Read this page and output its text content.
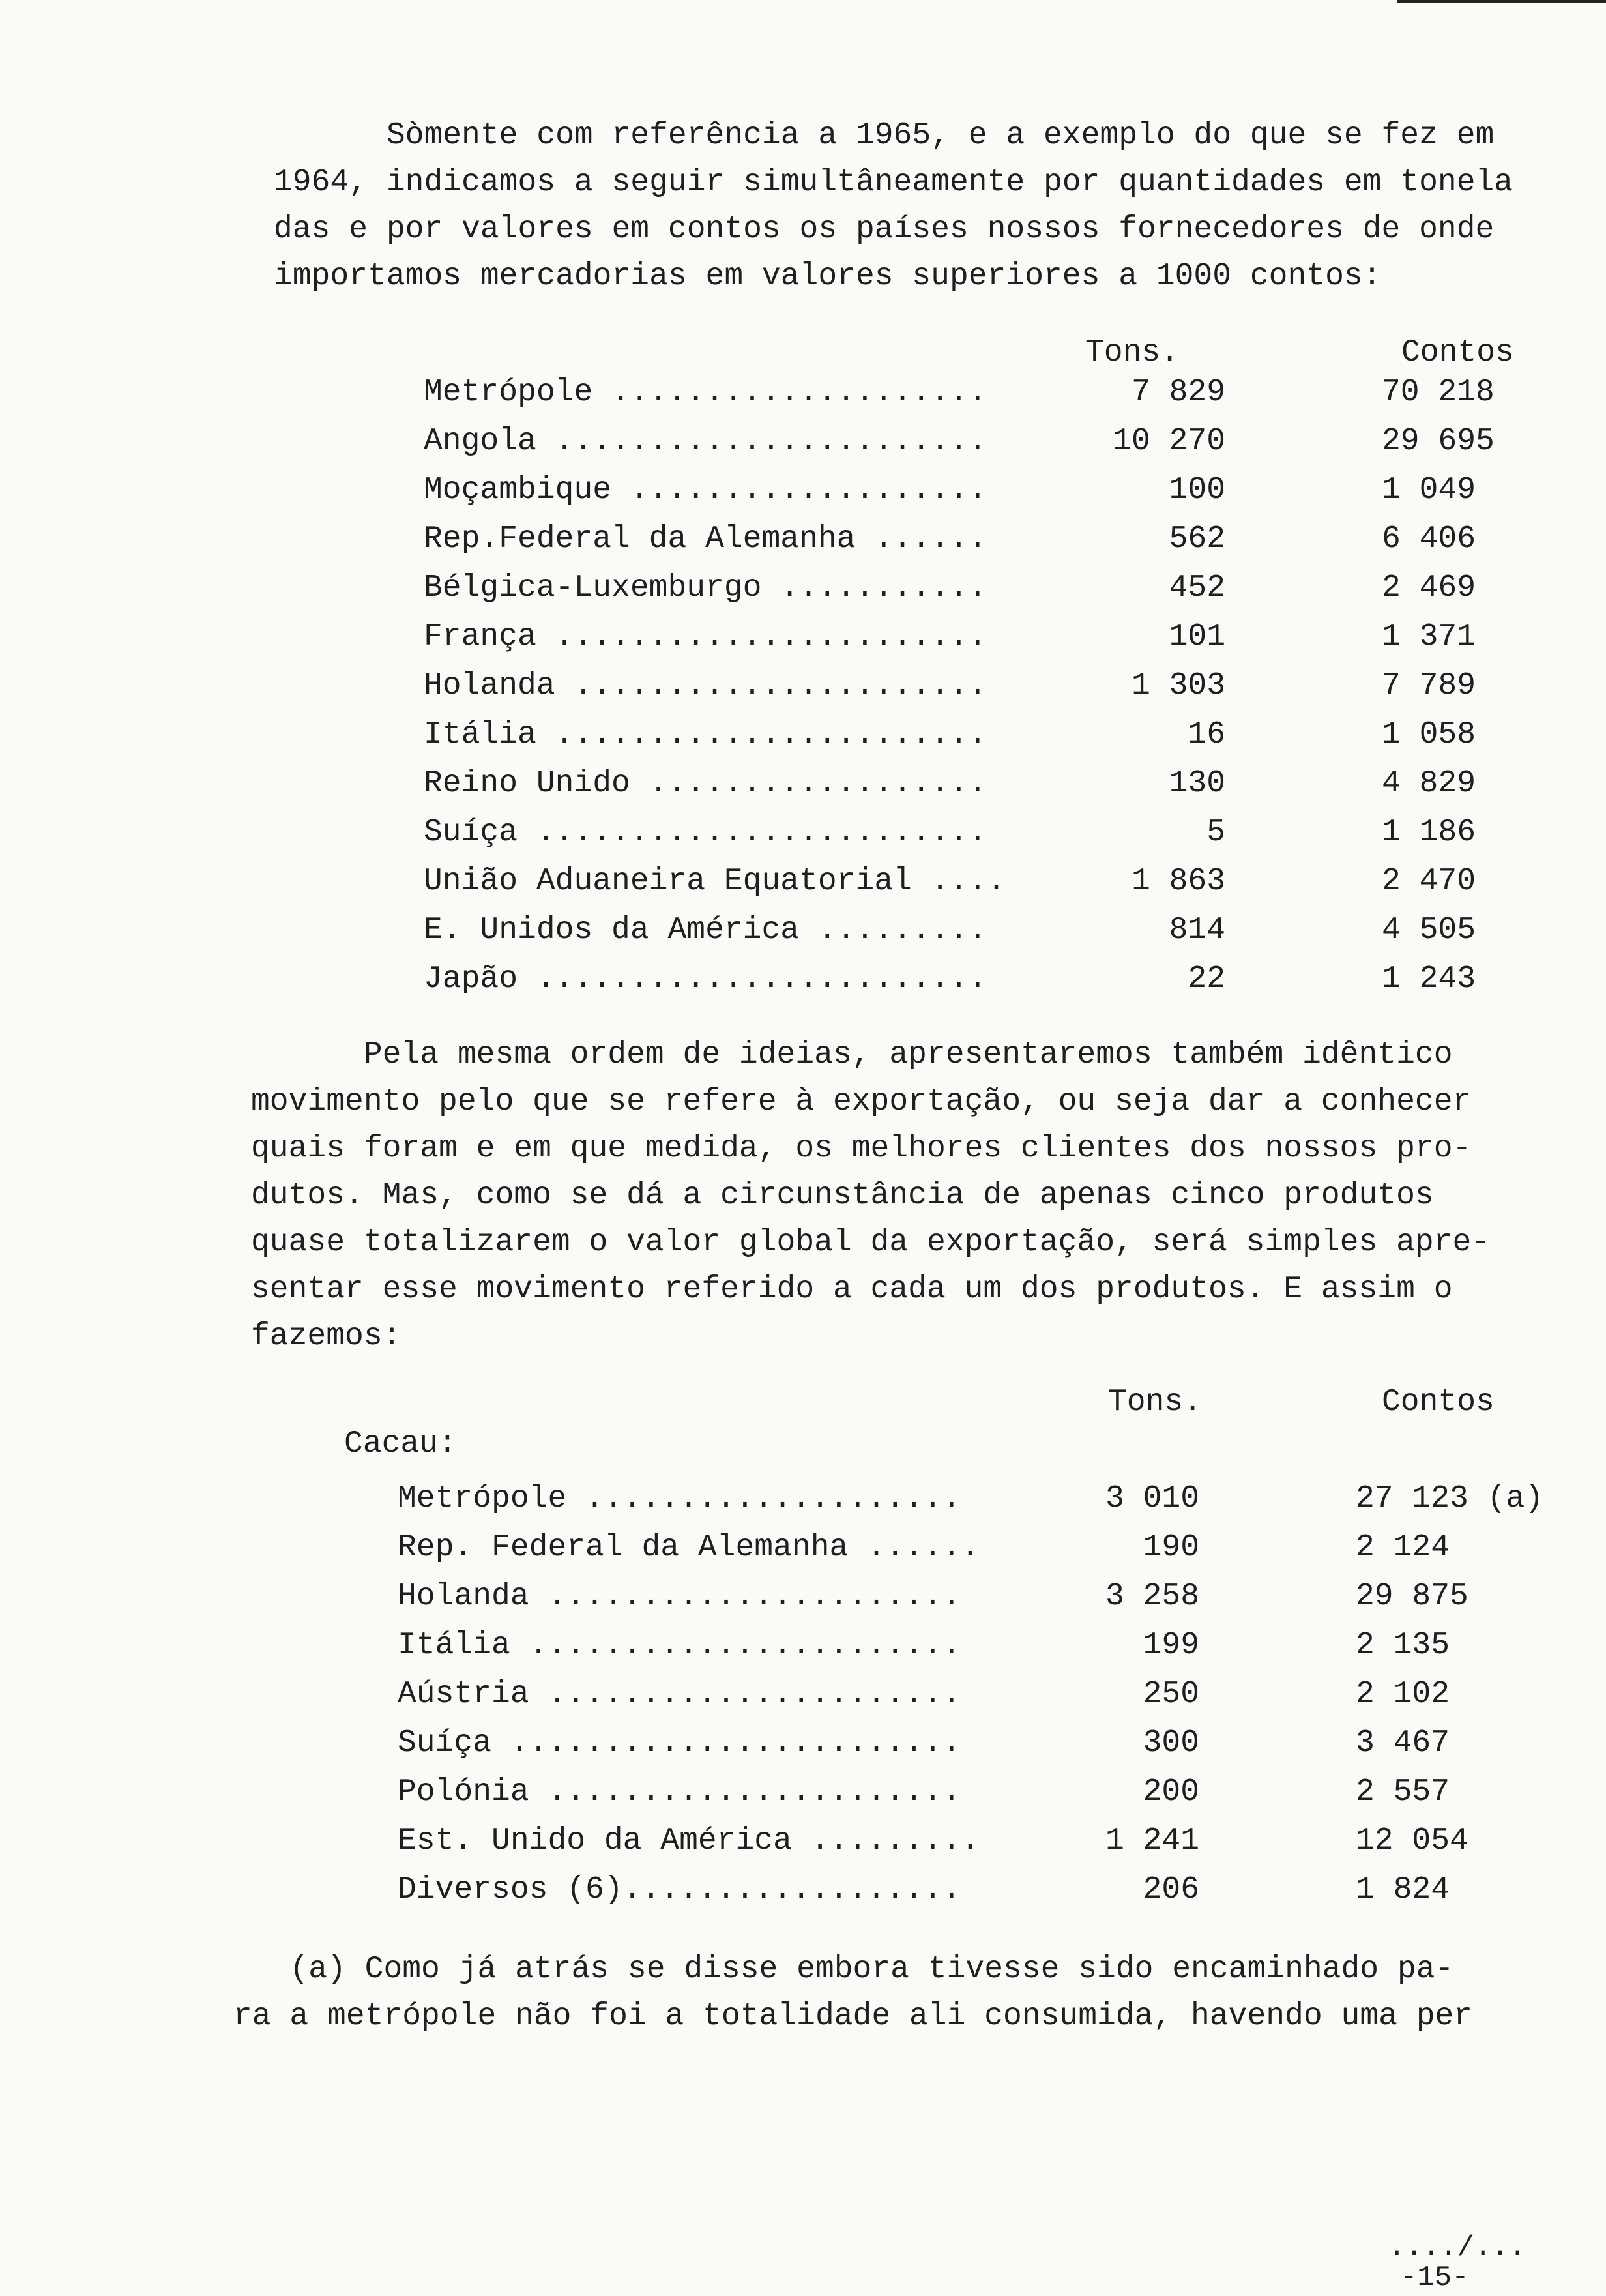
Sòmente com referência a 1965, e a exemplo do que se fez em
1964, indicamos a seguir simultâneamente por quantidades em tonela
das e por valores em contos os países nossos fornecedores de onde
importamos mercadorias em valores superiores a 1000 contos:
Tons.	Contos
Metrópole ....................	7 829	70 218
Angola .......................	10 270	29 695
Moçambique ...................	100	1 049
Rep.Federal da Alemanha ......	562	6 406
Bélgica-Luxemburgo ...........	452	2 469
França .......................	101	1 371
Holanda ......................	1 303	7 789
Itália .......................	16	1 058
Reino Unido ..................	130	4 829
Suíça ........................	5	1 186
União Aduaneira Equatorial ....	1 863	2 470
E. Unidos da América .........	814	4 505
Japão ........................	22	1 243
Pela mesma ordem de ideias, apresentaremos também idêntico
movimento pelo que se refere à exportação, ou seja dar a conhecer
quais foram e em que medida, os melhores clientes dos nossos pro-
dutos. Mas, como se dá a circunstância de apenas cinco produtos
quase totalizarem o valor global da exportação, será simples apre-
sentar esse movimento referido a cada um dos produtos. E assim o
fazemos:
Tons.	Contos
Cacau:
Metrópole ....................	3 010	27 123 (a)
Rep. Federal da Alemanha ......	190	2 124
Holanda ......................	3 258	29 875
Itália .......................	199	2 135
Aústria ......................	250	2 102
Suíça ........................	300	3 467
Polónia ......................	200	2 557
Est. Unido da América .........	1 241	12 054
Diversos (6)..................	206	1 824
(a) Como já atrás se disse embora tivesse sido encaminhado pa-
ra a metrópole não foi a totalidade ali consumida, havendo uma per
..../...
-15-
